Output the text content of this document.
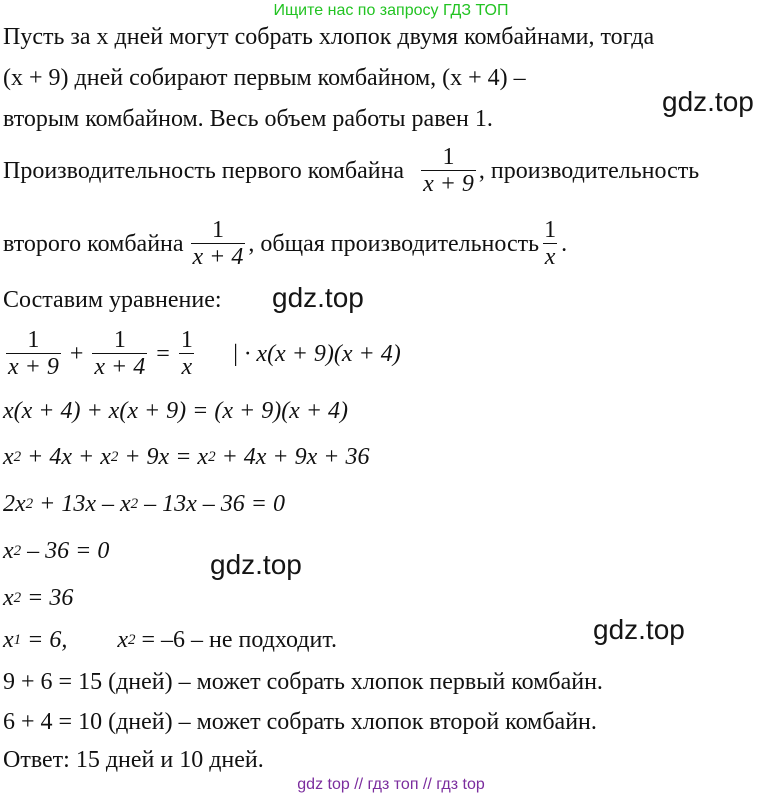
Ищите нас по запросу ГДЗ ТОП
gdz.top
gdz.top
gdz.top
gdz.top
Пусть за x дней могут собрать хлопок двумя комбайнами, тогда
(x + 9) дней собирают первым комбайном, (x + 4) –
вторым комбайном. Весь объем работы равен 1.
Производительность первого комбайна $\frac{1}{x + 9}$ , производительность
второго комбайна $\frac{1}{x + 4}$ , общая производительность $\frac{1}{x}$ .
Составим уравнение:
$\frac{1}{x + 9} + \frac{1}{x + 4} = \frac{1}{x}$ | · x(x + 9)(x + 4)
x(x + 4) + x(x + 9) = (x + 9)(x + 4)
x 2 + 4x + x 2 + 9x = x 2 + 4x + 9x + 36
2x 2 + 13x – x 2 – 13x – 36 = 0
x 2 – 36 = 0
x 2 = 36
x 1 = 6, x 2 = –6 – не подходит.
9 + 6 = 15 (дней) – может собрать хлопок первый комбайн.
6 + 4 = 10 (дней) – может собрать хлопок второй комбайн.
Ответ: 15 дней и 10 дней.
gdz top // гдз топ // гдз top
